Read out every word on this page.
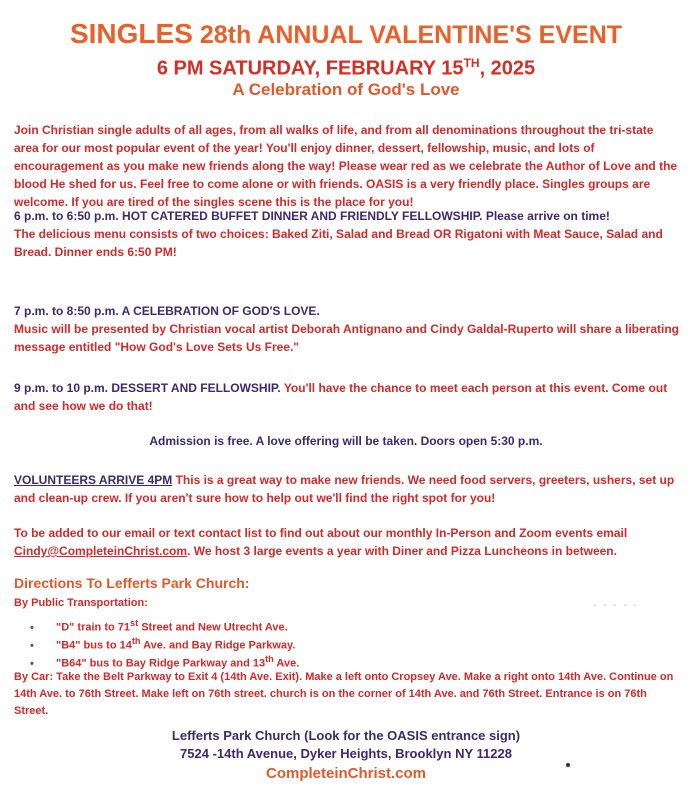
SINGLES 28th ANNUAL VALENTINE'S EVENT
6 PM SATURDAY, FEBRUARY 15TH, 2025
A Celebration of God's Love

Join Christian single adults of all ages, from all walks of life, and from all denominations throughout the tri-state area for our most popular event of the year! You'll enjoy dinner, dessert, fellowship, music, and lots of encouragement as you make new friends along the way! Please wear red as we celebrate the Author of Love and the blood He shed for us. Feel free to come alone or with friends. OASIS is a very friendly place. Singles groups are welcome. If you are tired of the singles scene this is the place for you!

6 p.m. to 6:50 p.m. HOT CATERED BUFFET DINNER AND FRIENDLY FELLOWSHIP. Please arrive on time!
The delicious menu consists of two choices: Baked Ziti, Salad and Bread OR Rigatoni with Meat Sauce, Salad and Bread. Dinner ends 6:50 PM!
7 p.m. to 8:50 p.m. A CELEBRATION OF GOD'S LOVE.
Music will be presented by Christian vocal artist Deborah Antignano and Cindy Galdal-Ruperto will share a liberating message entitled "How God's Love Sets Us Free."
9 p.m. to 10 p.m. DESSERT AND FELLOWSHIP. You'll have the chance to meet each person at this event. Come out and see how we do that!
Admission is free. A love offering will be taken. Doors open 5:30 p.m.
VOLUNTEERS ARRIVE 4PM This is a great way to make new friends. We need food servers, greeters, ushers, set up and clean-up crew. If you aren't sure how to help out we'll find the right spot for you!
To be added to our email or text contact list to find out about our monthly In-Person and Zoom events email Cindy@CompleteinChrist.com. We host 3 large events a year with Diner and Pizza Luncheons in between.
Directions To Lefferts Park Church:
- - - - -
By Public Transportation:
• "D" train to 71st Street and New Utrecht Ave.
• "B4" bus to 14th Ave. and Bay Ridge Parkway.
• "B64" bus to Bay Ridge Parkway and 13th Ave.
By Car: Take the Belt Parkway to Exit 4 (14th Ave. Exit). Make a left onto Cropsey Ave. Make a right onto 14th Ave. Continue on 14th Ave. to 76th Street. Make left on 76th street. church is on the corner of 14th Ave. and 76th Street. Entrance is on 76th Street.
Lefferts Park Church (Look for the OASIS entrance sign)
7524 -14th Avenue, Dyker Heights, Brooklyn NY 11228
CompleteinChrist.com
